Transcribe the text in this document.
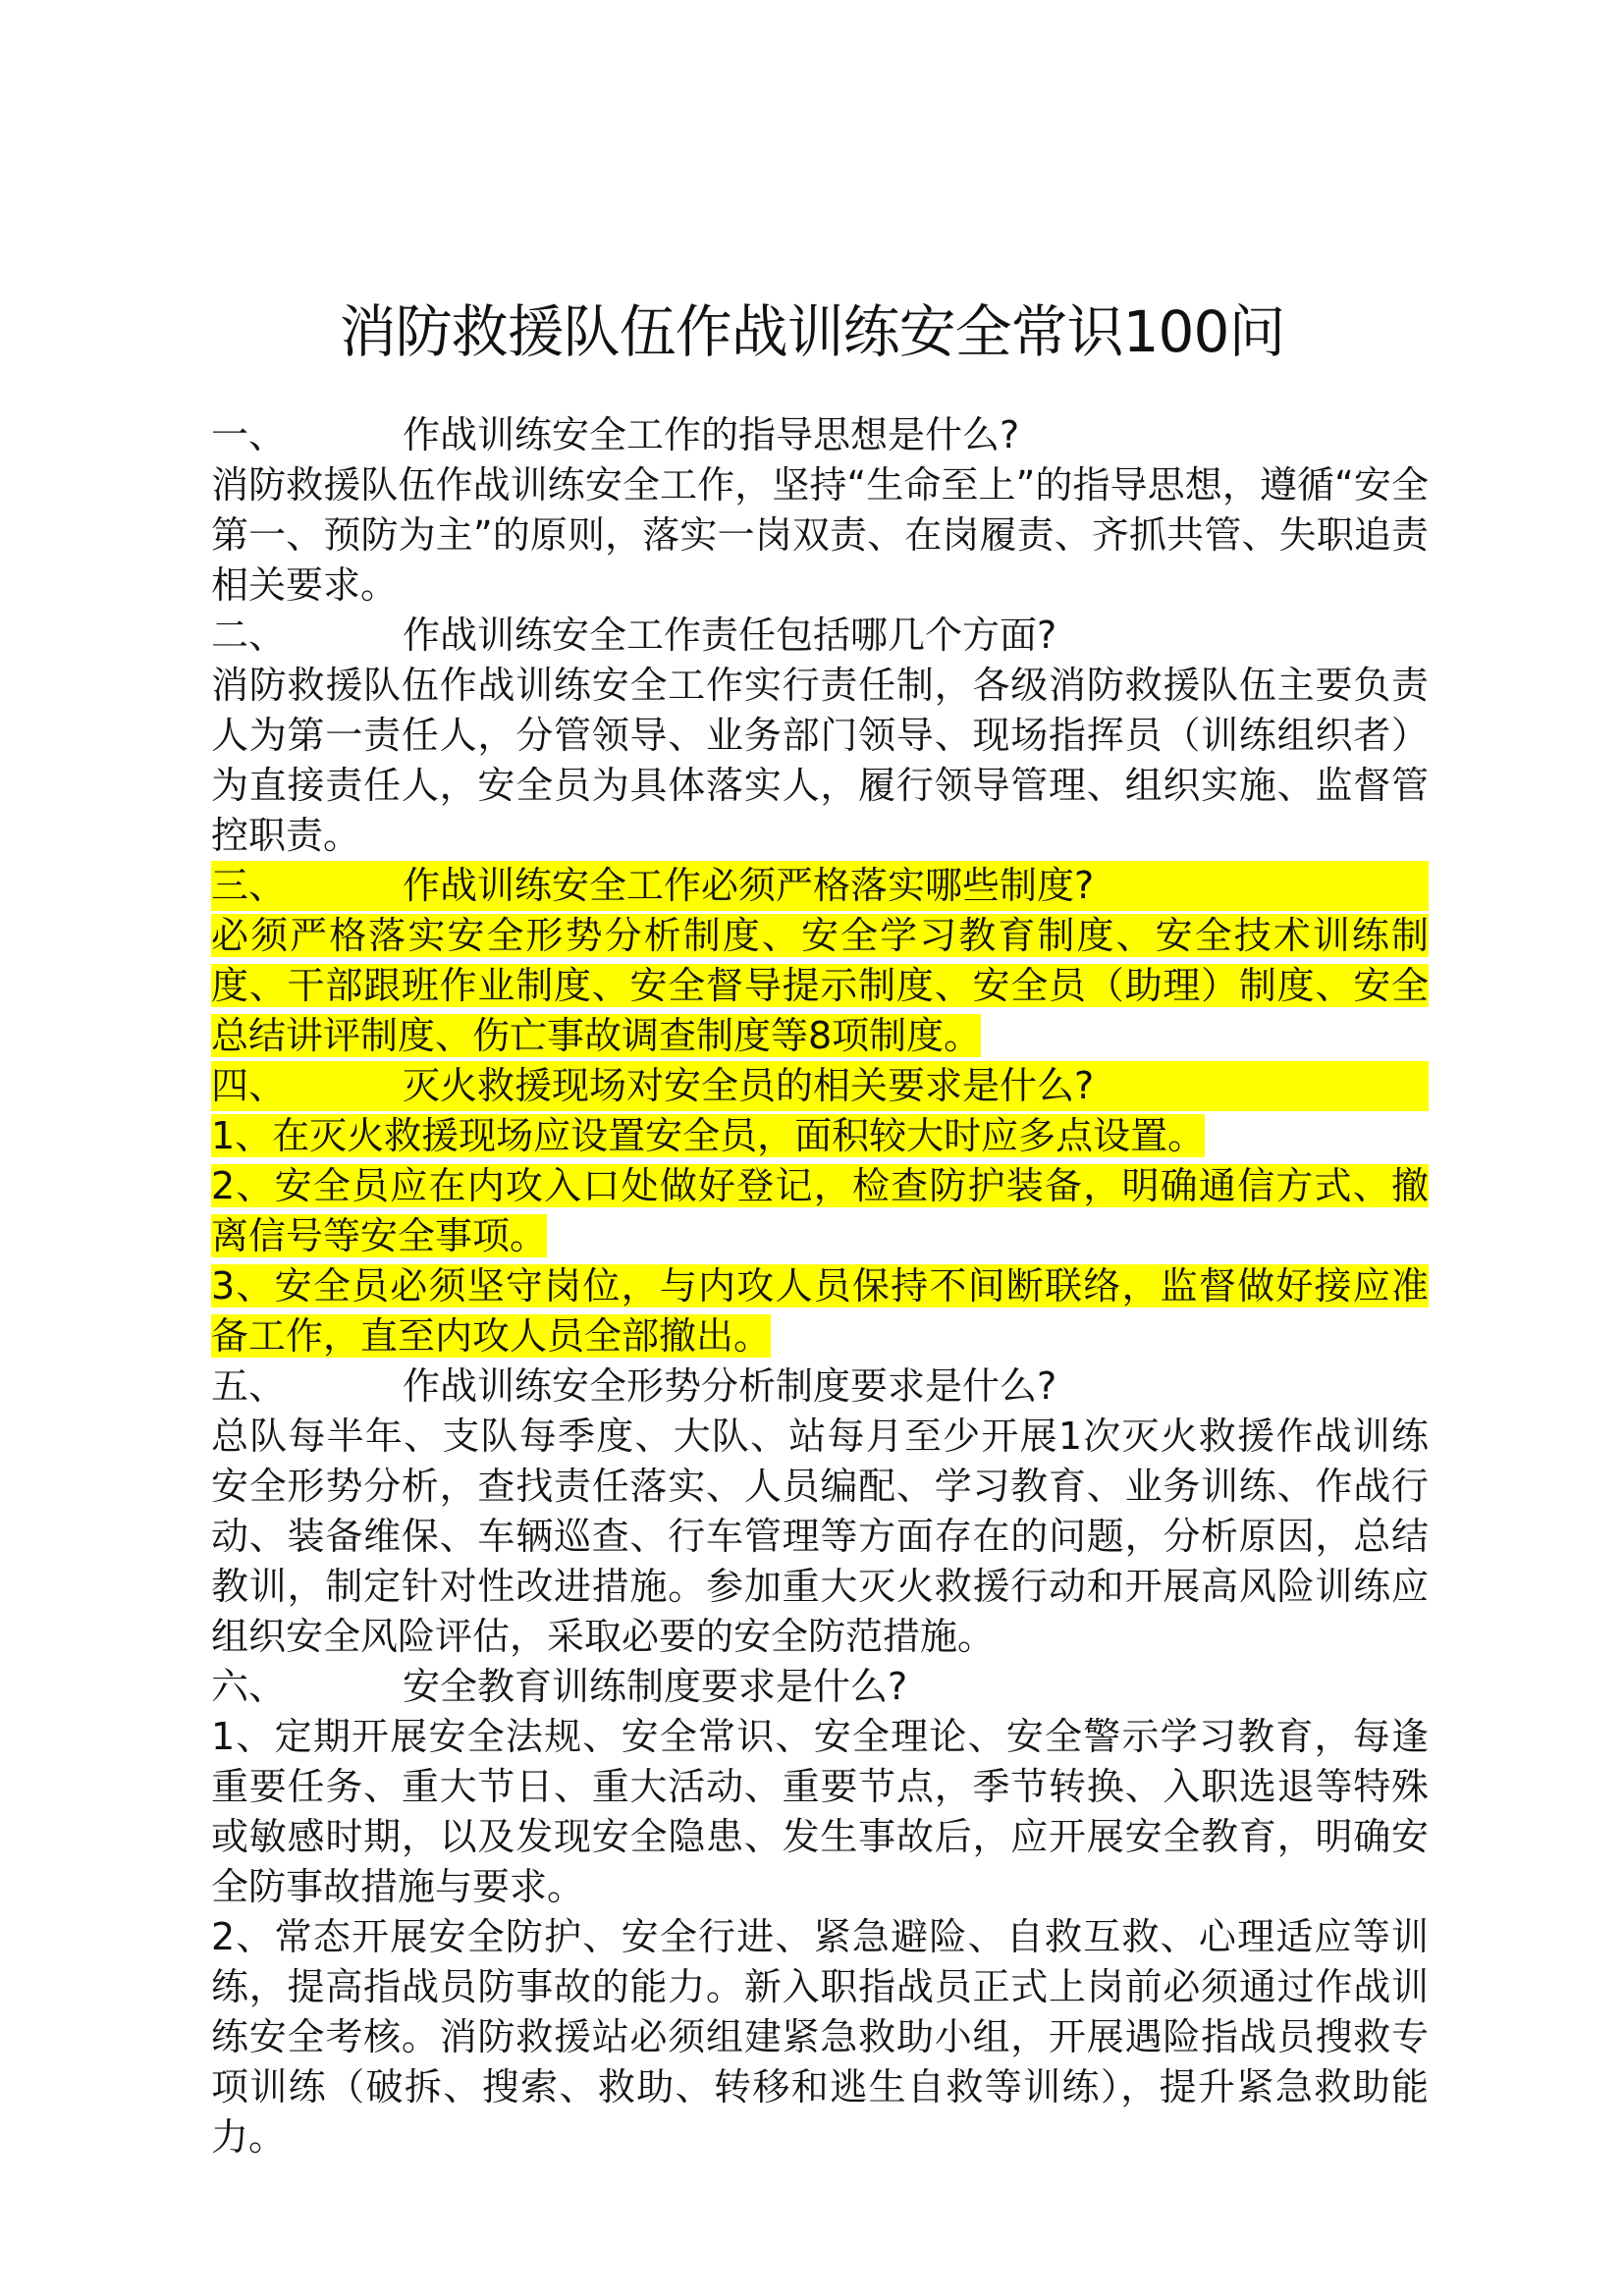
消防救援队伍作战训练安全常识100问
一、	作战训练安全工作的指导思想是什么?

消防救援队伍作战训练安全工作，坚持“生命至上”的指导思想，遵循“安全第一、预防为主”的原则，落实一岗双责、在岗履责、齐抓共管、失职追责相关要求。

二、	作战训练安全工作责任包括哪几个方面?

消防救援队伍作战训练安全工作实行责任制，各级消防救援队伍主要负责人为第一责任人，分管领导、业务部门领导、现场指挥员（训练组织者）为直接责任人，安全员为具体落实人，履行领导管理、组织实施、监督管控职责。

三、	作战训练安全工作必须严格落实哪些制度?

必须严格落实安全形势分析制度、安全学习教育制度、安全技术训练制度、干部跟班作业制度、安全督导提示制度、安全员（助理）制度、安全总结讲评制度、伤亡事故调查制度等8项制度。

四、	灭火救援现场对安全员的相关要求是什么?

1、在灭火救援现场应设置安全员，面积较大时应多点设置。

2、安全员应在内攻入口处做好登记，检查防护装备，明确通信方式、撤离信号等安全事项。

3、安全员必须坚守岗位，与内攻人员保持不间断联络，监督做好接应准备工作，直至内攻人员全部撤出。

五、	作战训练安全形势分析制度要求是什么?

总队每半年、支队每季度、大队、站每月至少开展1次灭火救援作战训练安全形势分析，查找责任落实、人员编配、学习教育、业务训练、作战行动、装备维保、车辆巡查、行车管理等方面存在的问题，分析原因，总结教训，制定针对性改进措施。参加重大灭火救援行动和开展高风险训练应组织安全风险评估，采取必要的安全防范措施。

六、	安全教育训练制度要求是什么?

1、定期开展安全法规、安全常识、安全理论、安全警示学习教育，每逢重要任务、重大节日、重大活动、重要节点，季节转换、入职选退等特殊或敏感时期，以及发现安全隐患、发生事故后，应开展安全教育，明确安全防事故措施与要求。

2、常态开展安全防护、安全行进、紧急避险、自救互救、心理适应等训练，提高指战员防事故的能力。新入职指战员正式上岗前必须通过作战训练安全考核。消防救援站必须组建紧急救助小组，开展遇险指战员搜救专项训练（破拆、搜索、救助、转移和逃生自救等训练），提升紧急救助能力。
